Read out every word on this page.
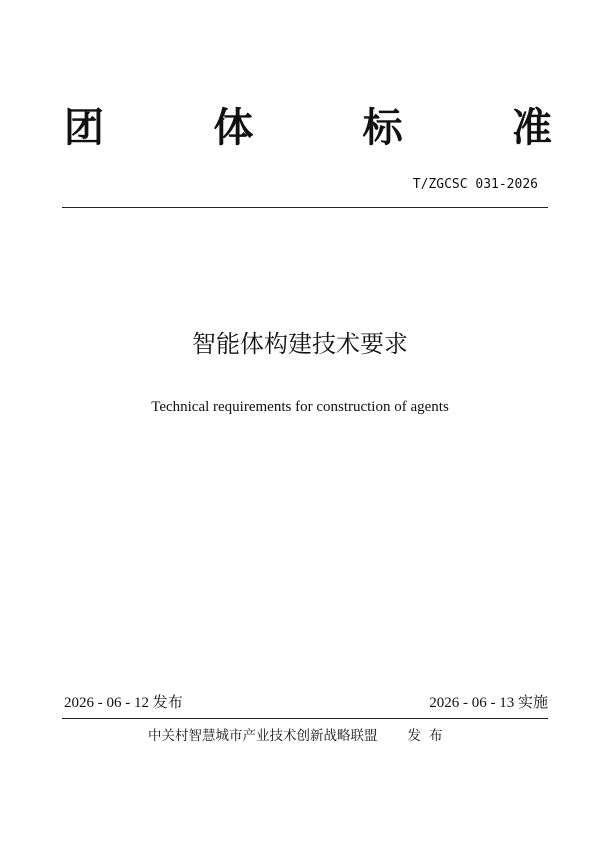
团	体	标	准
T/ZGCSC 031-2026
智能体构建技术要求
Technical requirements for construction of agents
2026 - 06 - 12 发布	2026 - 06 - 13 实施
中关村智慧城市产业技术创新战略联盟 发布
